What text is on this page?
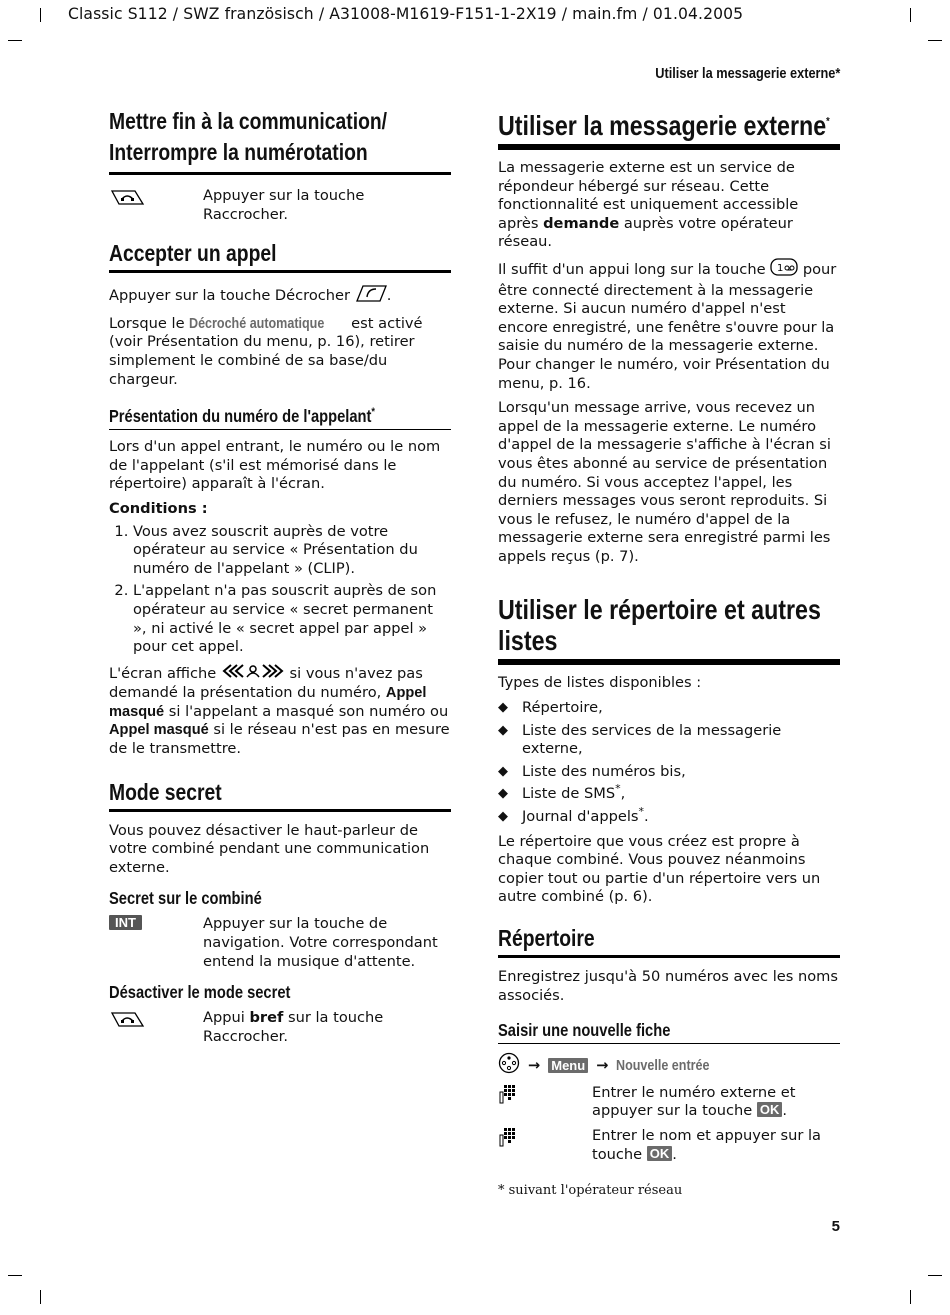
Classic S112 / SWZ französisch / A31008-M1619-F151-1-2X19 / main.fm / 01.04.2005
Utiliser la messagerie externe*
Mettre fin à la communication/
Interrompre la numérotation
Appuyer sur la touche Raccrocher.
Accepter un appel

Appuyer sur la touche Décrocher	.

Lorsque le Décroché automatique est activé (voir Présentation du menu, p. 16), retirer simplement le combiné de sa base/du chargeur.

Présentation du numéro de l'appelant*

Lors d'un appel entrant, le numéro ou le nom de l'appelant (s'il est mémorisé dans le répertoire) apparaît à l'écran.

Conditions :

1. Vous avez souscrit auprès de votre opérateur au service « Présentation du numéro de l'appelant » (CLIP).
2. L'appelant n'a pas souscrit auprès de son opérateur au service « secret permanent », ni activé le « secret appel par appel » pour cet appel.

L'écran affiche	si vous n'avez pas demandé la présentation du numéro, Appel masqué si l'appelant a masqué son numéro ou Appel masqué si le réseau n'est pas en mesure de le transmettre.

Mode secret

Vous pouvez désactiver le haut-parleur de votre combiné pendant une communication externe.

Secret sur le combiné
INT	Appuyer sur la touche de navigation. Votre correspondant entend la musique d'attente.
Désactiver le mode secret
Appui bref sur la touche Raccrocher.
Utiliser la messagerie externe*

La messagerie externe est un service de répondeur hébergé sur réseau. Cette fonctionnalité est uniquement accessible après demande auprès votre opérateur réseau.

Il suffit d'un appui long sur la touche 1 pour être connecté directement à la messagerie externe. Si aucun numéro d'appel n'est encore enregistré, une fenêtre s'ouvre pour la saisie du numéro de la messagerie externe. Pour changer le numéro, voir Présentation du menu, p. 16.

Lorsqu'un message arrive, vous recevez un appel de la messagerie externe. Le numéro d'appel de la messagerie s'affiche à l'écran si vous êtes abonné au service de présentation du numéro. Si vous acceptez l'appel, les derniers messages vous seront reproduits. Si vous le refusez, le numéro d'appel de la messagerie externe sera enregistré parmi les appels reçus (p. 7).

Utiliser le répertoire et autres
listes

Types de listes disponibles :

◆ Répertoire,
◆ Liste des services de la messagerie externe,
◆ Liste des numéros bis,
◆ Liste de SMS*,
◆ Journal d'appels*.

Le répertoire que vous créez est propre à chaque combiné. Vous pouvez néanmoins copier tout ou partie d'un répertoire vers un autre combiné (p. 6).

Répertoire

Enregistrez jusqu'à 50 numéros avec les noms associés.

Saisir une nouvelle fiche
→ Menu → Nouvelle entrée
Entrer le numéro externe et appuyer sur la touche OK .
Entrer le nom et appuyer sur la touche OK .
* suivant l'opérateur réseau
5
